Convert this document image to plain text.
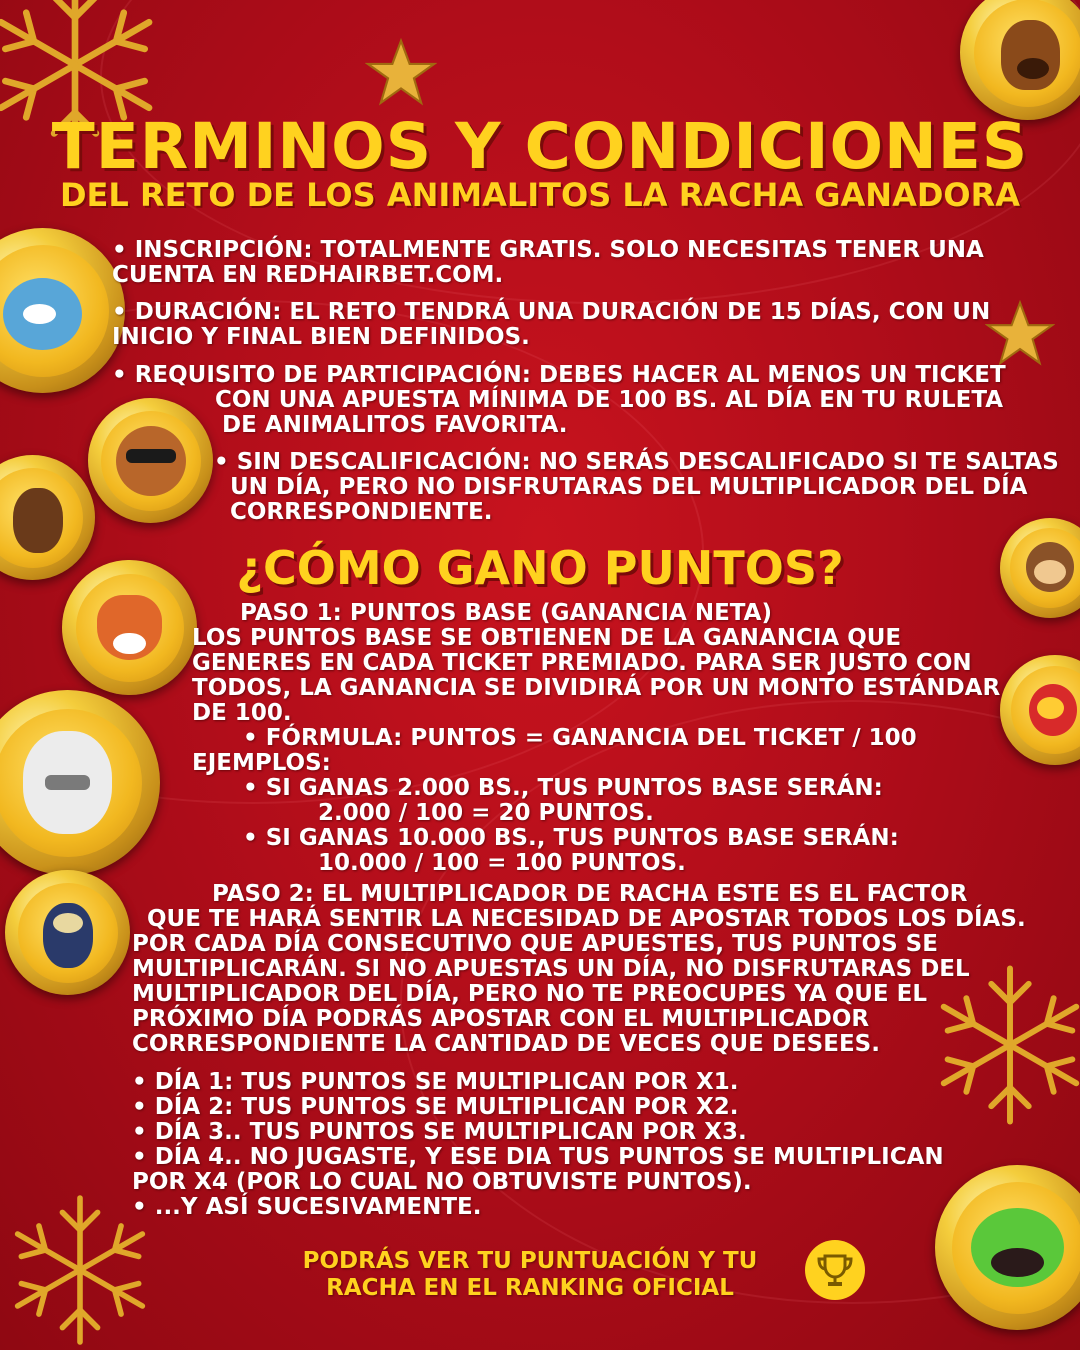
TERMINOS Y CONDICIONES
DEL RETO DE LOS ANIMALITOS LA RACHA GANADORA
• INSCRIPCIÓN: TOTALMENTE GRATIS. SOLO NECESITAS TENER UNA
CUENTA EN REDHAIRBET.COM.
• DURACIÓN: EL RETO TENDRÁ UNA DURACIÓN DE 15 DÍAS, CON UN
INICIO Y FINAL BIEN DEFINIDOS.
• REQUISITO DE PARTICIPACIÓN: DEBES HACER AL MENOS UN TICKET
CON UNA APUESTA MÍNIMA DE 100 BS. AL DÍA EN TU RULETA
DE ANIMALITOS FAVORITA.
• SIN DESCALIFICACIÓN: NO SERÁS DESCALIFICADO SI TE SALTAS
UN DÍA, PERO NO DISFRUTARAS DEL MULTIPLICADOR DEL DÍA
CORRESPONDIENTE.
¿CÓMO GANO PUNTOS?
PASO 1: PUNTOS BASE (GANANCIA NETA)
LOS PUNTOS BASE SE OBTIENEN DE LA GANANCIA QUE
GENERES EN CADA TICKET PREMIADO. PARA SER JUSTO CON
TODOS, LA GANANCIA SE DIVIDIRÁ POR UN MONTO ESTÁNDAR
DE 100.
• FÓRMULA: PUNTOS = GANANCIA DEL TICKET / 100
EJEMPLOS:
• SI GANAS 2.000 BS., TUS PUNTOS BASE SERÁN:
2.000 / 100 = 20 PUNTOS.
• SI GANAS 10.000 BS., TUS PUNTOS BASE SERÁN:
10.000 / 100 = 100 PUNTOS.
PASO 2: EL MULTIPLICADOR DE RACHA ESTE ES EL FACTOR
QUE TE HARÁ SENTIR LA NECESIDAD DE APOSTAR TODOS LOS DÍAS.
POR CADA DÍA CONSECUTIVO QUE APUESTES, TUS PUNTOS SE
MULTIPLICARÁN. SI NO APUESTAS UN DÍA, NO DISFRUTARAS DEL
MULTIPLICADOR DEL DÍA, PERO NO TE PREOCUPES YA QUE EL
PRÓXIMO DÍA PODRÁS APOSTAR CON EL MULTIPLICADOR
CORRESPONDIENTE LA CANTIDAD DE VECES QUE DESEES.
• DÍA 1: TUS PUNTOS SE MULTIPLICAN POR X1.
• DÍA 2: TUS PUNTOS SE MULTIPLICAN POR X2.
• DÍA 3.. TUS PUNTOS SE MULTIPLICAN POR X3.
• DÍA 4.. NO JUGASTE, Y ESE DIA TUS PUNTOS SE MULTIPLICAN
POR X4 (POR LO CUAL NO OBTUVISTE PUNTOS).
• ...Y ASÍ SUCESIVAMENTE.
PODRÁS VER TU PUNTUACIÓN Y TU
RACHA EN EL RANKING OFICIAL
